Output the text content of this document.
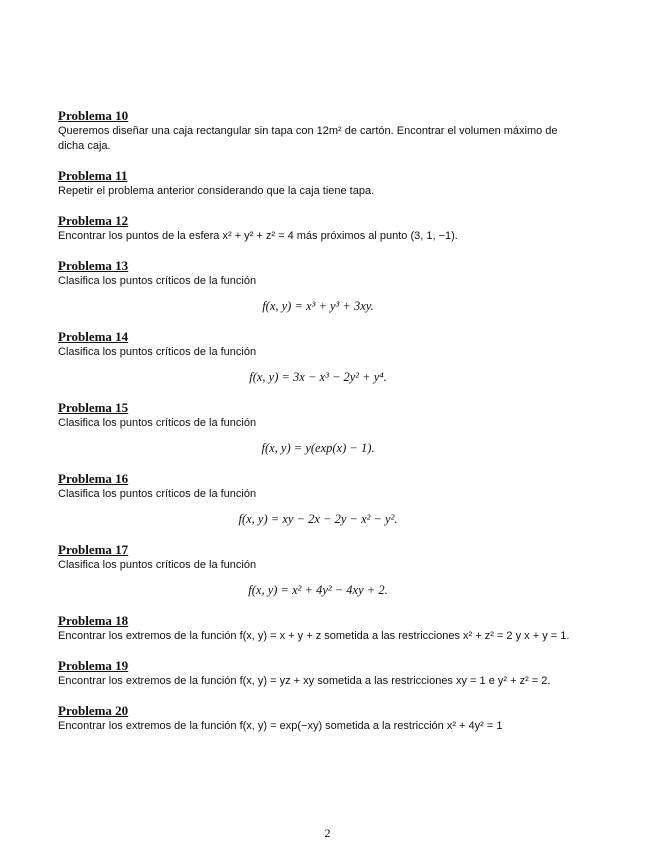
Problema 10
Queremos diseñar una caja rectangular sin tapa con 12m² de cartón. Encontrar el volumen máximo de dicha caja.
Problema 11
Repetir el problema anterior considerando que la caja tiene tapa.
Problema 12
Encontrar los puntos de la esfera x² + y² + z² = 4 más próximos al punto (3, 1, −1).
Problema 13
Clasifica los puntos críticos de la función
f(x, y) = x³ + y³ + 3xy.
Problema 14
Clasifica los puntos críticos de la función
f(x, y) = 3x − x³ − 2y² + y⁴.
Problema 15
Clasifica los puntos críticos de la función
f(x, y) = y(exp(x) − 1).
Problema 16
Clasifica los puntos críticos de la función
f(x, y) = xy − 2x − 2y − x² − y².
Problema 17
Clasifica los puntos críticos de la función
f(x, y) = x² + 4y² − 4xy + 2.
Problema 18
Encontrar los extremos de la función f(x, y) = x + y + z sometida a las restricciones x² + z² = 2 y x + y = 1.
Problema 19
Encontrar los extremos de la función f(x, y) = yz + xy sometida a las restricciones xy = 1 e y² + z² = 2.
Problema 20
Encontrar los extremos de la función f(x, y) = exp(−xy) sometida a la restricción x² + 4y² = 1
2
